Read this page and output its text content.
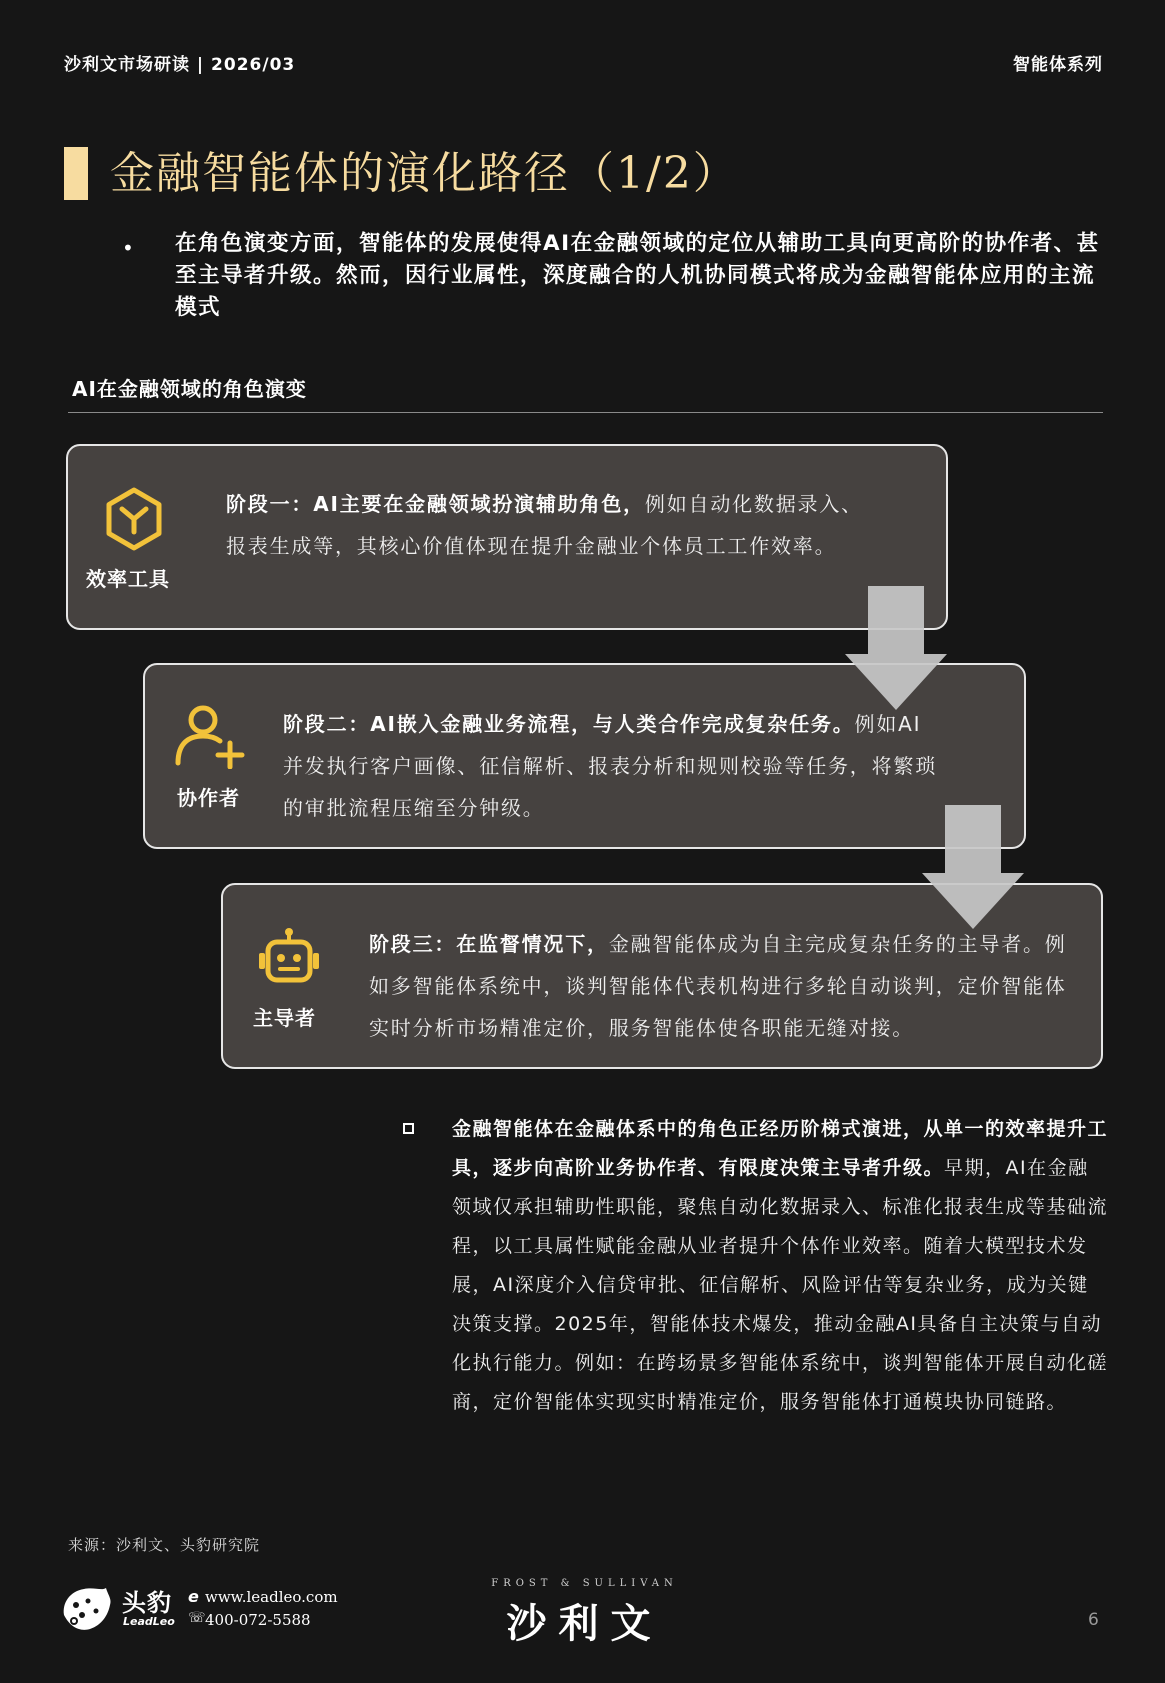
沙利文市场研读 | 2026/03	智能体系列
金融智能体的演化路径（1/2）
• 在角色演变方面，智能体的发展使得AI在金融领域的定位从辅助工具向更高阶的协作者、甚至主导者升级。然而，因行业属性，深度融合的人机协同模式将成为金融智能体应用的主流模式
AI在金融领域的角色演变
效率工具
阶段一：AI主要在金融领域扮演辅助角色，例如自动化数据录入、报表生成等，其核心价值体现在提升金融业个体员工工作效率。
协作者
阶段二：AI嵌入金融业务流程，与人类合作完成复杂任务。例如AI并发执行客户画像、征信解析、报表分析和规则校验等任务，将繁琐的审批流程压缩至分钟级。
主导者
阶段三：在监督情况下，金融智能体成为自主完成复杂任务的主导者。例如多智能体系统中，谈判智能体代表机构进行多轮自动谈判，定价智能体实时分析市场精准定价，服务智能体使各职能无缝对接。
金融智能体在金融体系中的角色正经历阶梯式演进，从单一的效率提升工具，逐步向高阶业务协作者、有限度决策主导者升级。早期，AI在金融领域仅承担辅助性职能，聚焦自动化数据录入、标准化报表生成等基础流程，以工具属性赋能金融从业者提升个体作业效率。随着大模型技术发展，AI深度介入信贷审批、征信解析、风险评估等复杂业务，成为关键决策支撑。2025年，智能体技术爆发，推动金融AI具备自主决策与自动化执行能力。例如：在跨场景多智能体系统中，谈判智能体开展自动化磋商，定价智能体实现实时精准定价，服务智能体打通模块协同链路。
来源：沙利文、头豹研究院
头豹
LeadLeo
e www.leadleo.com
☏ 400-072-5588
FROST & SULLIVAN
沙利文	6
